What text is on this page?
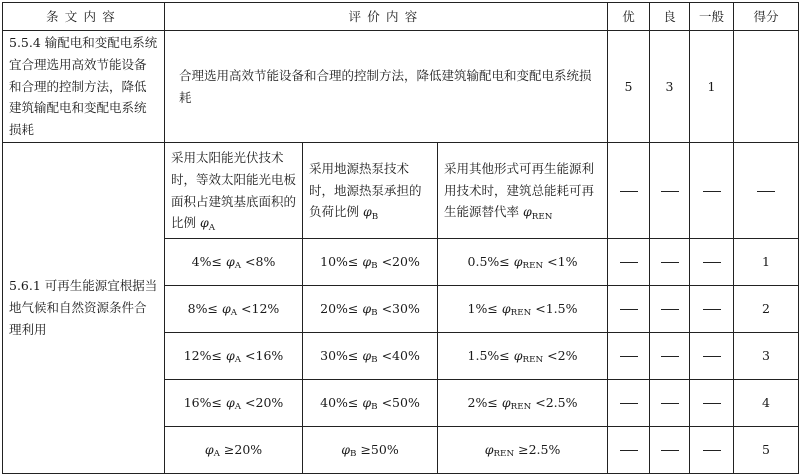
条文内容	评价内容			优	良	一般	得分
5.5.4 输配电和变配电系统宜合理选用高效节能设备和合理的控制方法，降低建筑输配电和变配电系统损耗	合理选用高效节能设备和合理的控制方法，降低建筑输配电和变配电系统损耗			5	3	1	
5.6.1 可再生能源宜根据当地气候和自然资源条件合理利用	采用太阳能光伏技术时，等效太阳能光电板面积占建筑基底面积的比例 φA	采用地源热泵技术时，地源热泵承担的负荷比例 φB	采用其他形式可再生能源利用技术时，建筑总能耗可再生能源替代率 φREN				
	4%≤ φA <8%	10%≤ φB <20%	0.5%≤ φREN <1%				1
	8%≤ φA <12%	20%≤ φB <30%	1%≤ φREN <1.5%				2
	12%≤ φA <16%	30%≤ φB <40%	1.5%≤ φREN <2%				3
	16%≤ φA <20%	40%≤ φB <50%	2%≤ φREN <2.5%				4
	φA ≥20%	φB ≥50%	φREN ≥2.5%				5
